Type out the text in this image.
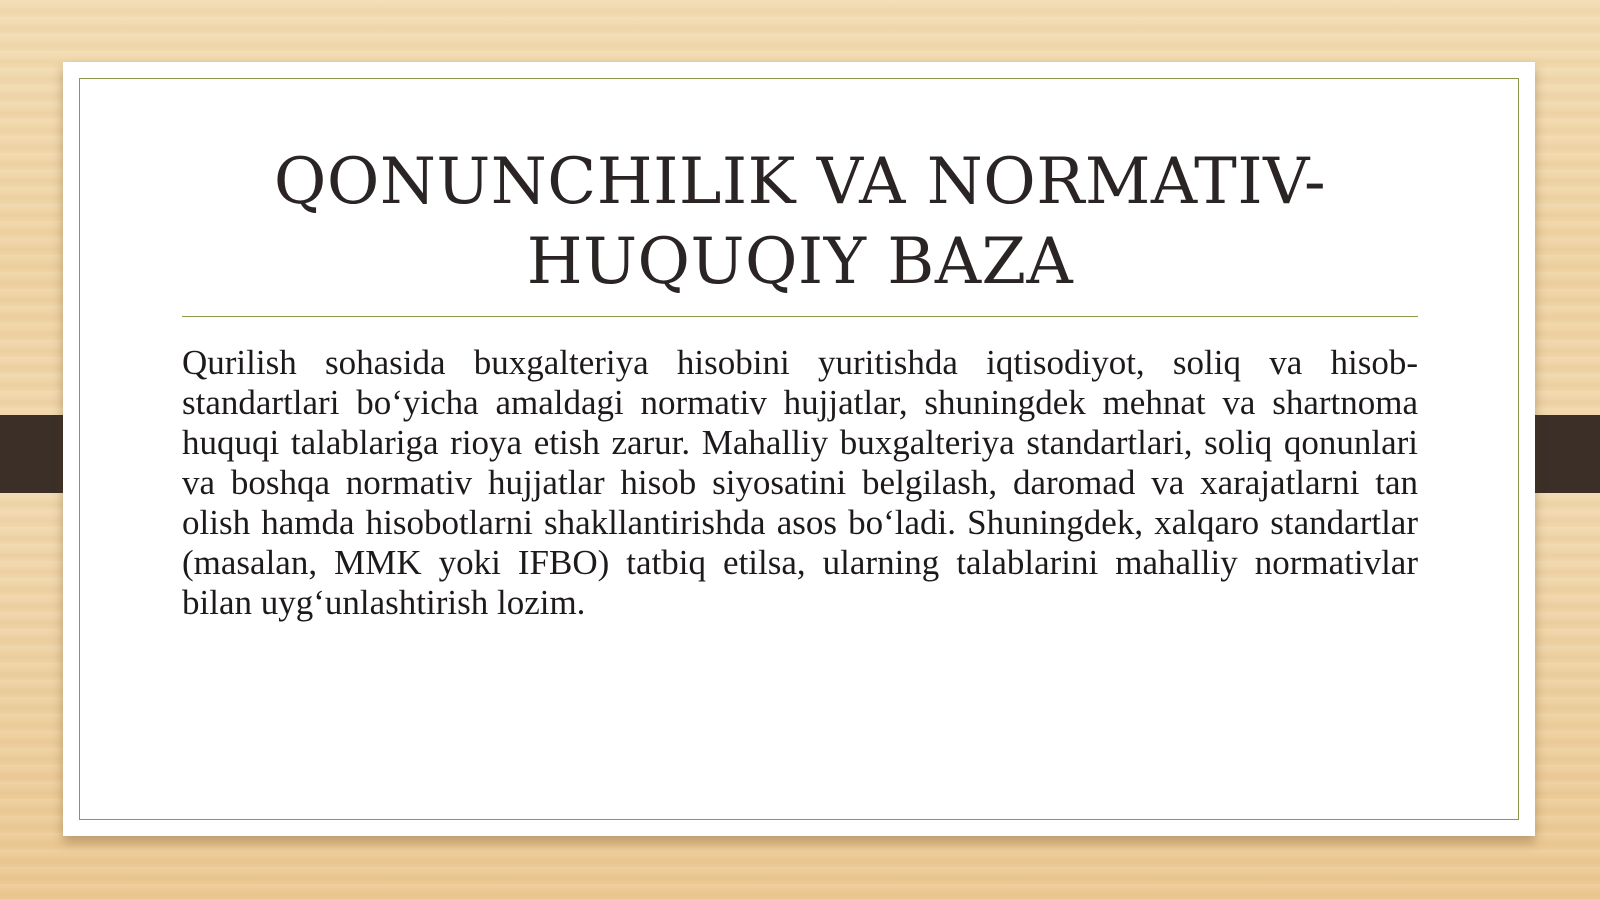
QONUNCHILIK VA NORMATIV-HUQUQIY BAZA

Qurilish sohasida buxgalteriya hisobini yuritishda iqtisodiyot, soliq va hisob-standartlari bo‘yicha amaldagi normativ hujjatlar, shuningdek mehnat va shartnoma huquqi talablariga rioya etish zarur. Mahalliy buxgalteriya standartlari, soliq qonunlari va boshqa normativ hujjatlar hisob siyosatini belgilash, daromad va xarajatlarni tan olish hamda hisobotlarni shakllantirishda asos bo‘ladi. Shuningdek, xalqaro standartlar (masalan, MMK yoki IFBO) tatbiq etilsa, ularning talablarini mahalliy normativlar bilan uyg‘unlashtirish lozim.
